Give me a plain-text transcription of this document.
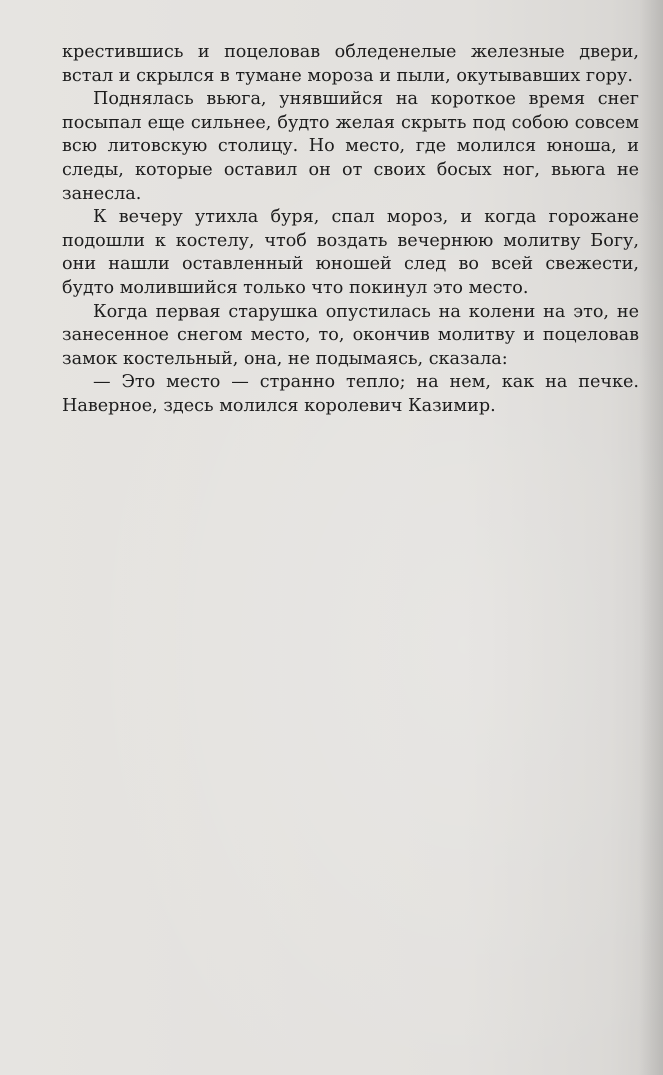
крестившись и поцеловав обледенелые железные двери, встал и скрылся в тумане мороза и пыли, окутывавших гору.

Поднялась вьюга, унявшийся на короткое время снег посыпал еще сильнее, будто желая скрыть под собою совсем всю литовскую столицу. Но место, где молился юноша, и следы, которые оставил он от своих босых ног, вьюга не занесла.

К вечеру утихла буря, спал мороз, и когда горожане подошли к костелу, чтоб воздать вечернюю молитву Богу, они нашли оставленный юношей след во всей свежести, будто молившийся только что покинул это место.

Когда первая старушка опустилась на колени на это, не занесенное снегом место, то, окончив молитву и поцеловав замок костельный, она, не подымаясь, сказала:

— Это место — странно тепло; на нем, как на печке. Наверное, здесь молился королевич Казимир.
